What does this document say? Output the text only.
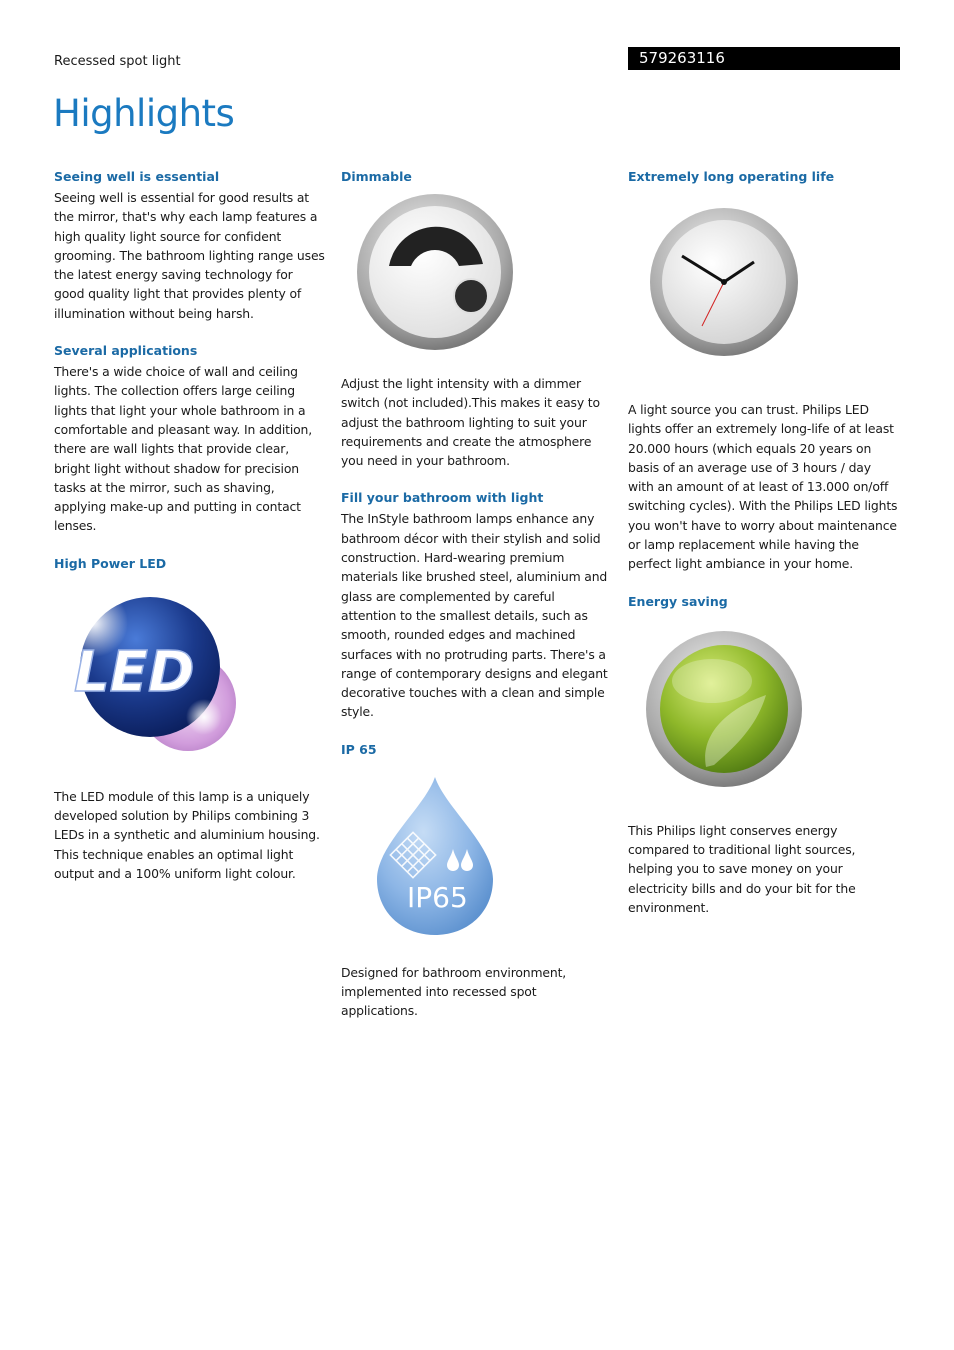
Recessed spot light	579263116
Highlights
Seeing well is essential

Seeing well is essential for good results at the mirror, that's why each lamp features a high quality light source for confident grooming. The bathroom lighting range uses the latest energy saving technology for good quality light that provides plenty of illumination without being harsh.

Several applications

There's a wide choice of wall and ceiling lights. The collection offers large ceiling lights that light your whole bathroom in a comfortable and pleasant way. In addition, there are wall lights that provide clear, bright light without shadow for precision tasks at the mirror, such as shaving, applying make-up and putting in contact lenses.

High Power LED
LED

The LED module of this lamp is a uniquely developed solution by Philips combining 3 LEDs in a synthetic and aluminium housing. This technique enables an optimal light output and a 100% uniform light colour.

Dimmable

Adjust the light intensity with a dimmer switch (not included).This makes it easy to adjust the bathroom lighting to suit your requirements and create the atmosphere you need in your bathroom.

Fill your bathroom with light

The InStyle bathroom lamps enhance any bathroom décor with their stylish and solid construction. Hard-wearing premium materials like brushed steel, aluminium and glass are complemented by careful attention to the smallest details, such as smooth, rounded edges and machined surfaces with no protruding parts. There's a range of contemporary designs and elegant decorative touches with a clean and simple style.

IP 65
IP65

Designed for bathroom environment, implemented into recessed spot applications.

Extremely long operating life

A light source you can trust. Philips LED lights offer an extremely long-life of at least 20.000 hours (which equals 20 years on basis of an average use of 3 hours / day with an amount of at least of 13.000 on/off switching cycles). With the Philips LED lights you won't have to worry about maintenance or lamp replacement while having the perfect light ambiance in your home.

Energy saving

This Philips light conserves energy compared to traditional light sources, helping you to save money on your electricity bills and do your bit for the environment.
